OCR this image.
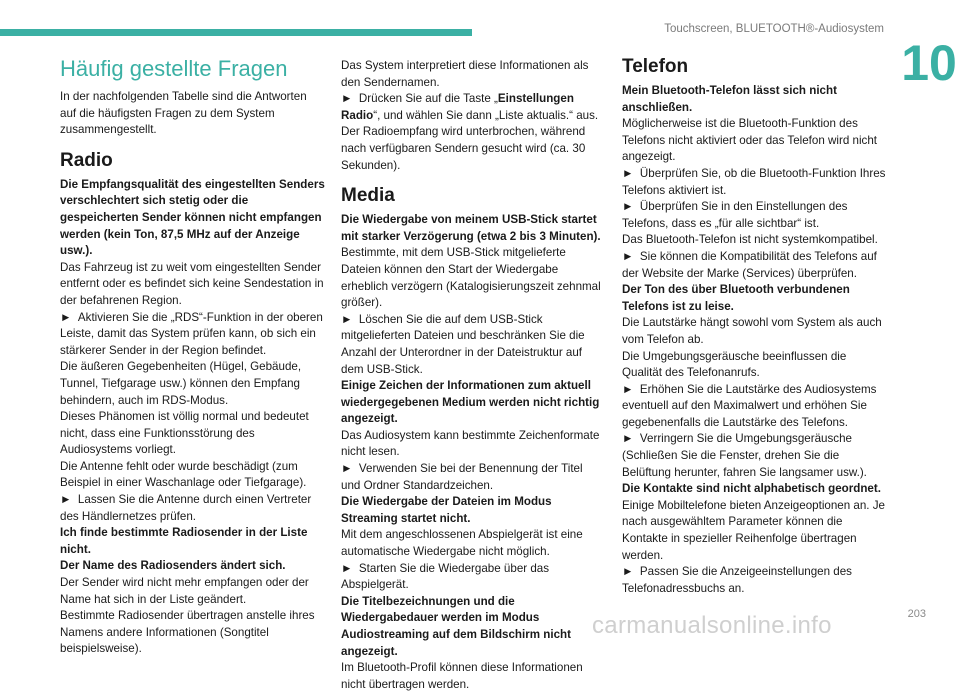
Touchscreen, BLUETOOTH®-Audiosystem
10
Häufig gestellte Fragen

In der nachfolgenden Tabelle sind die Antworten auf die häufigsten Fragen zu dem System zusammengestellt.

Radio

Die Empfangsqualität des eingestellten Senders verschlechtert sich stetig oder die gespeicherten Sender können nicht empfangen werden (kein Ton, 87,5 MHz auf der Anzeige usw.).

Das Fahrzeug ist zu weit vom eingestellten Sender entfernt oder es befindet sich keine Sendestation in der befahrenen Region.

►  Aktivieren Sie die „RDS“-Funktion in der oberen Leiste, damit das System prüfen kann, ob sich ein stärkerer Sender in der Region befindet.

Die äußeren Gegebenheiten (Hügel, Gebäude, Tunnel, Tiefgarage usw.) können den Empfang behindern, auch im RDS-Modus.

Dieses Phänomen ist völlig normal und bedeutet nicht, dass eine Funktionsstörung des Audiosystems vorliegt.

Die Antenne fehlt oder wurde beschädigt (zum Beispiel in einer Waschanlage oder Tiefgarage).

►  Lassen Sie die Antenne durch einen Vertreter des Händlernetzes prüfen.

Ich finde bestimmte Radiosender in der Liste nicht.

Der Name des Radiosenders ändert sich.

Der Sender wird nicht mehr empfangen oder der Name hat sich in der Liste geändert.

Bestimmte Radiosender übertragen anstelle ihres Namens andere Informationen (Songtitel beispielsweise).

Das System interpretiert diese Informationen als den Sendernamen.

►  Drücken Sie auf die Taste „Einstellungen Radio“, und wählen Sie dann „Liste aktualis.“ aus. Der Radioempfang wird unterbrochen, während nach verfügbaren Sendern gesucht wird (ca. 30 Sekunden).

Media

Die Wiedergabe von meinem USB-Stick startet mit starker Verzögerung (etwa 2 bis 3 Minuten).

Bestimmte, mit dem USB-Stick mitgelieferte Dateien können den Start der Wiedergabe erheblich verzögern (Katalogisierungszeit zehnmal größer).

►  Löschen Sie die auf dem USB-Stick mitgelieferten Dateien und beschränken Sie die Anzahl der Unterordner in der Dateistruktur auf dem USB-Stick.

Einige Zeichen der Informationen zum aktuell wiedergegebenen Medium werden nicht richtig angezeigt.

Das Audiosystem kann bestimmte Zeichenformate nicht lesen.

►  Verwenden Sie bei der Benennung der Titel und Ordner Standardzeichen.

Die Wiedergabe der Dateien im Modus Streaming startet nicht.

Mit dem angeschlossenen Abspielgerät ist eine automatische Wiedergabe nicht möglich.

►  Starten Sie die Wiedergabe über das Abspielgerät.

Die Titelbezeichnungen und die Wiedergabedauer werden im Modus Audiostreaming auf dem Bildschirm nicht angezeigt.

Im Bluetooth-Profil können diese Informationen nicht übertragen werden.

Telefon

Mein Bluetooth-Telefon lässt sich nicht anschließen.

Möglicherweise ist die Bluetooth-Funktion des Telefons nicht aktiviert oder das Telefon wird nicht angezeigt.

►  Überprüfen Sie, ob die Bluetooth-Funktion Ihres Telefons aktiviert ist.

►  Überprüfen Sie in den Einstellungen des Telefons, dass es „für alle sichtbar“ ist.

Das Bluetooth-Telefon ist nicht systemkompatibel.

►  Sie können die Kompatibilität des Telefons auf der Website der Marke (Services) überprüfen.

Der Ton des über Bluetooth verbundenen Telefons ist zu leise.

Die Lautstärke hängt sowohl vom System als auch vom Telefon ab.

Die Umgebungsgeräusche beeinflussen die Qualität des Telefonanrufs.

►  Erhöhen Sie die Lautstärke des Audiosystems eventuell auf den Maximalwert und erhöhen Sie gegebenenfalls die Lautstärke des Telefons.

►  Verringern Sie die Umgebungsgeräusche (Schließen Sie die Fenster, drehen Sie die Belüftung herunter, fahren Sie langsamer usw.).

Die Kontakte sind nicht alphabetisch geordnet.

Einige Mobiltelefone bieten Anzeigeoptionen an. Je nach ausgewähltem Parameter können die Kontakte in spezieller Reihenfolge übertragen werden.

►  Passen Sie die Anzeigeeinstellungen des Telefonadressbuchs an.

carmanualsonline.info	203
